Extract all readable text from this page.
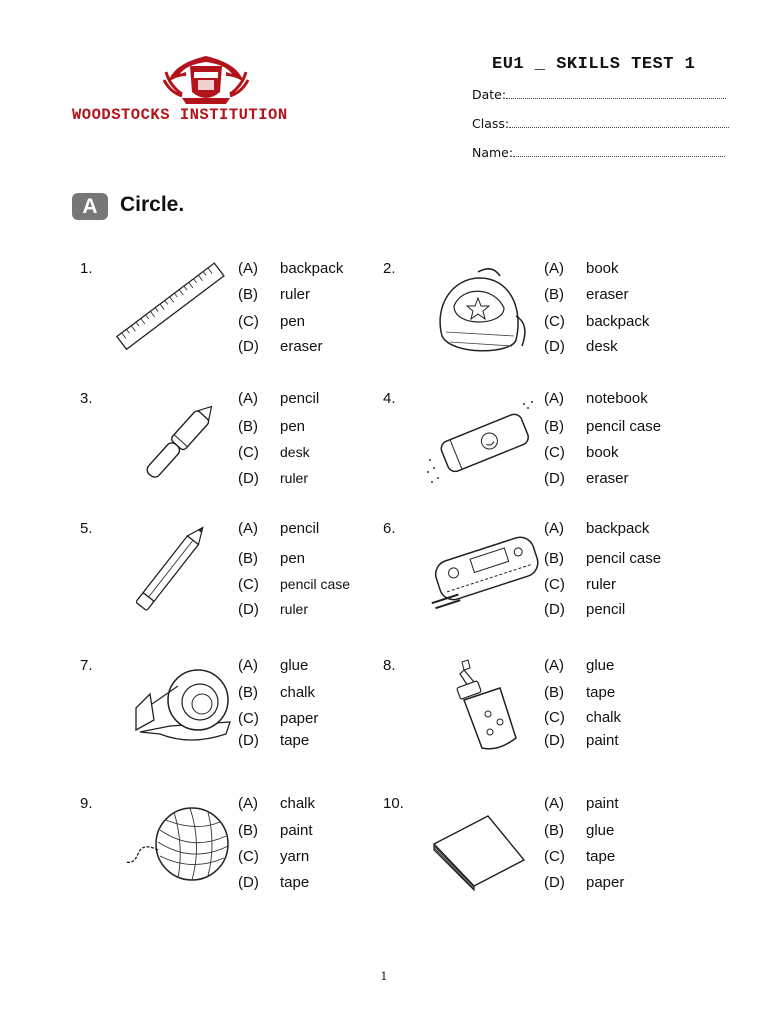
WOODSTOCKS INSTITUTION
EU1 _ SKILLS TEST 1
Date:
Class:
Name:
A	Circle.
1.	(A) backpack
(B) ruler
(C) pen
(D) eraser
2.	(A) book
(B) eraser
(C) backpack
(D) desk
3.	(A) pencil
(B) pen
(C) desk
(D) ruler
4.	(A) notebook
(B) pencil case
(C) book
(D) eraser
5.	(A) pencil
(B) pen
(C) pencil case
(D) ruler
6.	(A) backpack
(B) pencil case
(C) ruler
(D) pencil
7.	(A) glue
(B) chalk
(C) paper
(D) tape
8.	(A) glue
(B) tape
(C) chalk
(D) paint
9.	(A) chalk
(B) paint
(C) yarn
(D) tape
10.	(A) paint
(B) glue
(C) tape
(D) paper
1
